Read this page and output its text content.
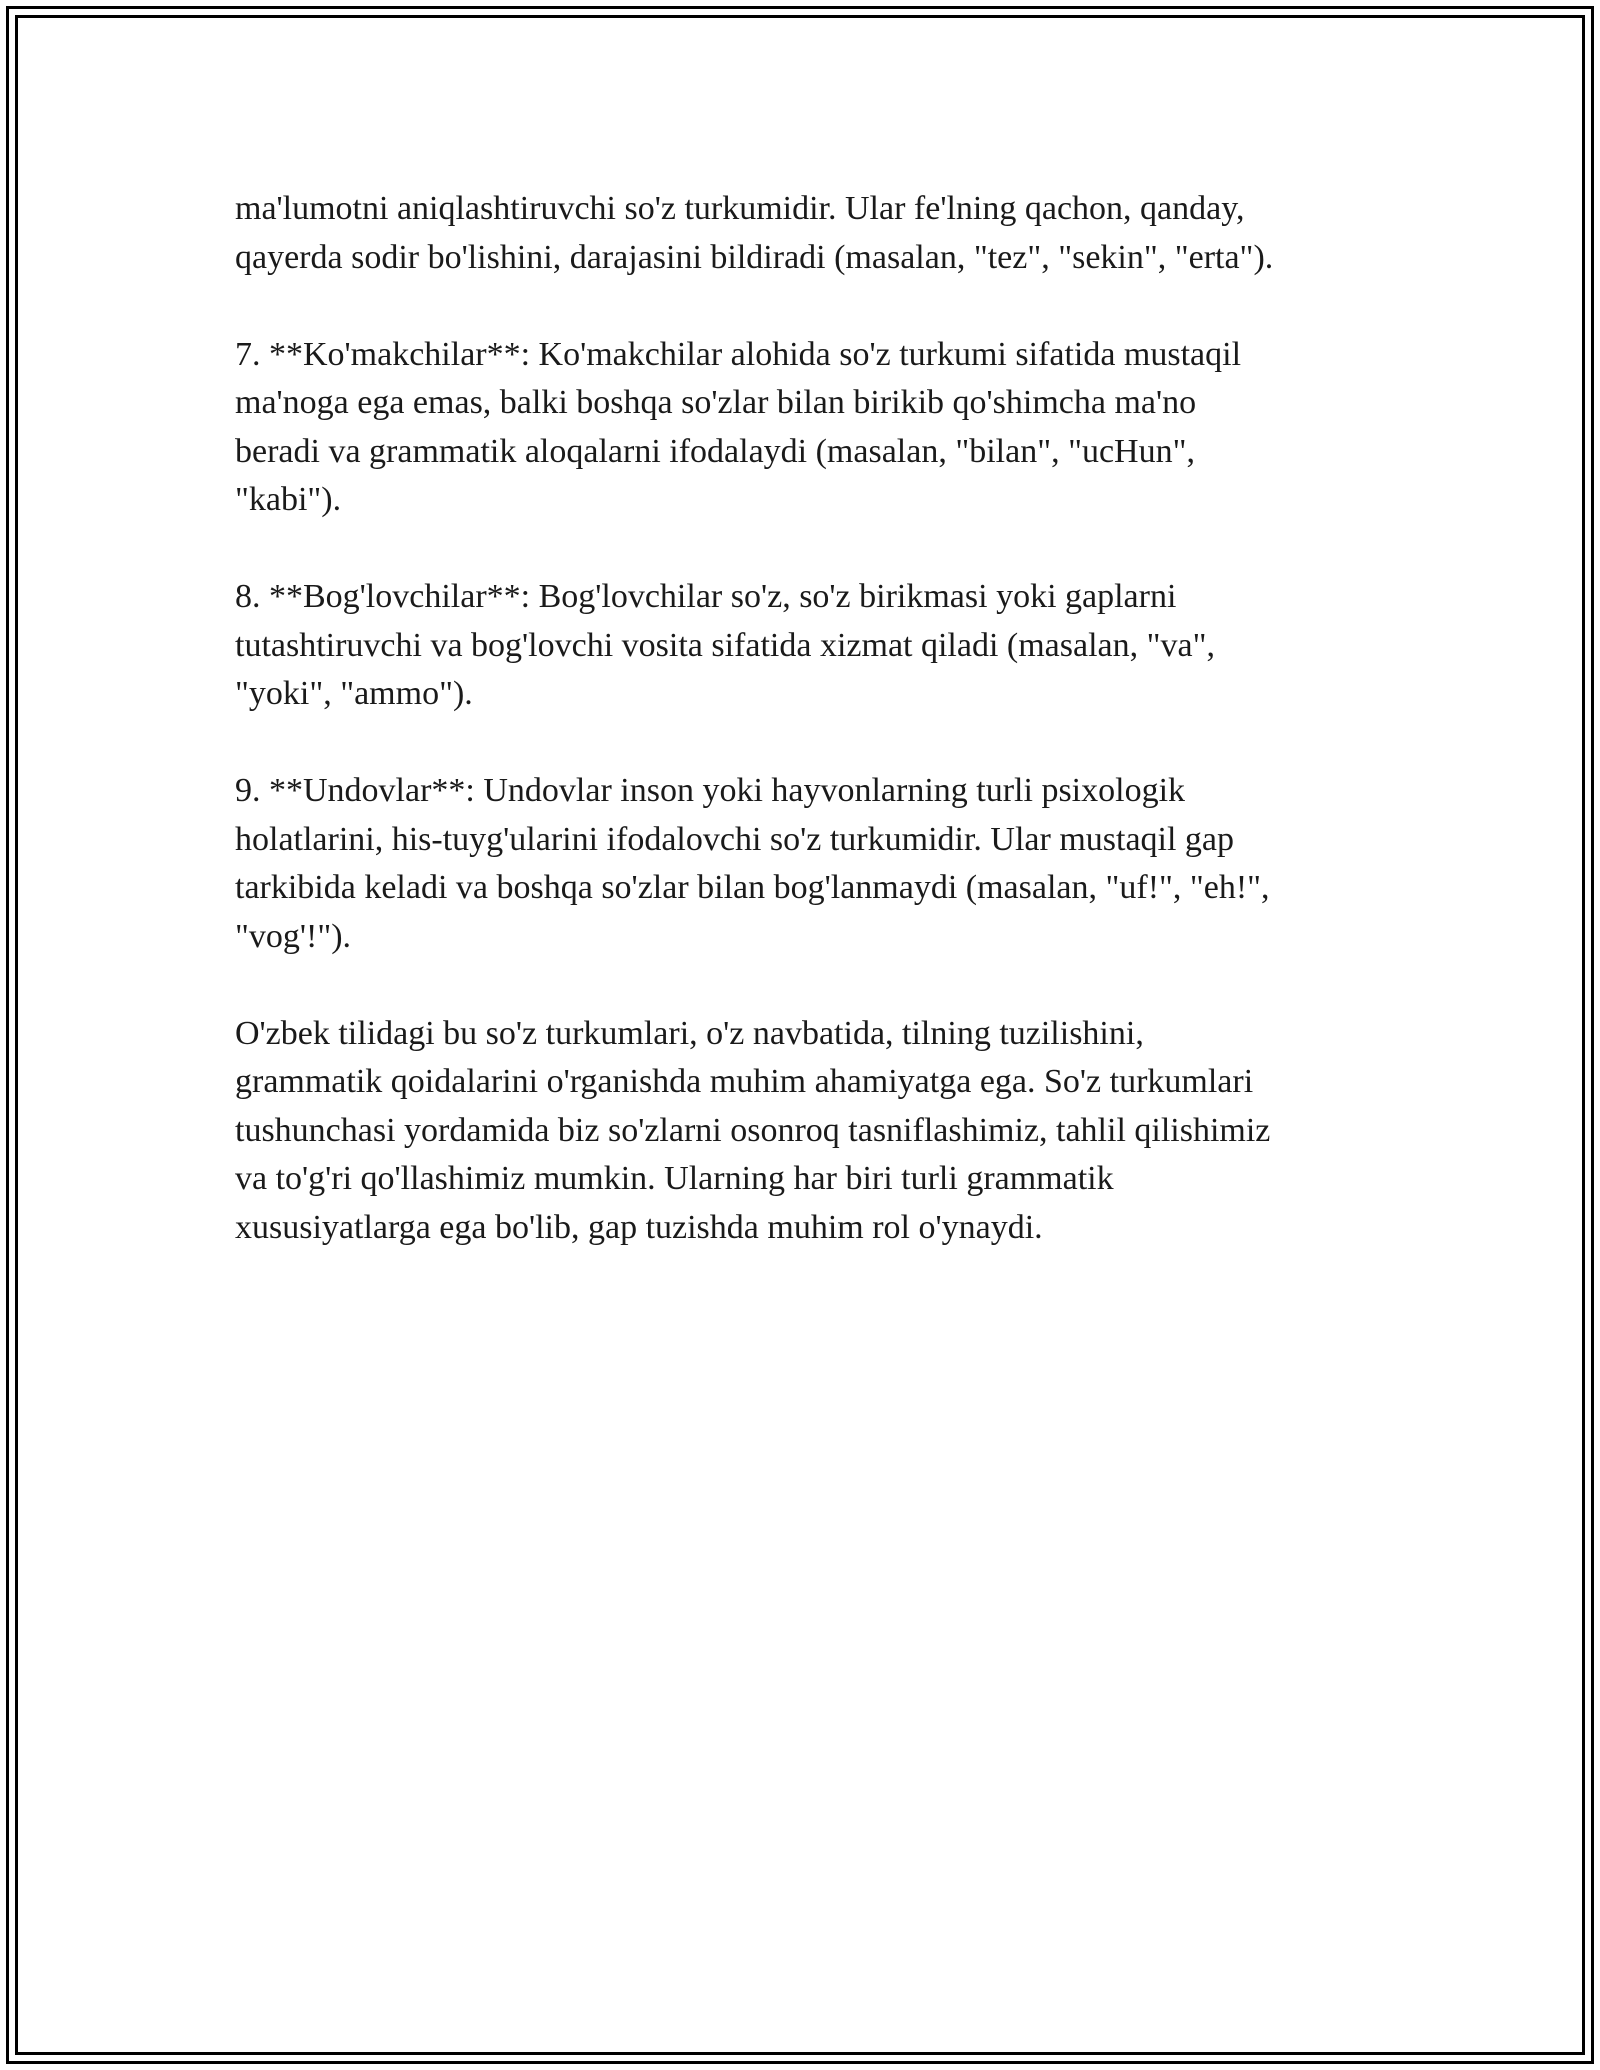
ma'lumotni aniqlashtiruvchi so'z turkumidir. Ular fe'lning qachon, qanday,
qayerda sodir bo'lishini, darajasini bildiradi (masalan, "tez", "sekin", "erta").

7. **Ko'makchilar**: Ko'makchilar alohida so'z turkumi sifatida mustaqil
ma'noga ega emas, balki boshqa so'zlar bilan birikib qo'shimcha ma'no
beradi va grammatik aloqalarni ifodalaydi (masalan, "bilan", "ucHun",
"kabi").

8. **Bog'lovchilar**: Bog'lovchilar so'z, so'z birikmasi yoki gaplarni
tutashtiruvchi va bog'lovchi vosita sifatida xizmat qiladi (masalan, "va",
"yoki", "ammo").

9. **Undovlar**: Undovlar inson yoki hayvonlarning turli psixologik
holatlarini, his-tuyg'ularini ifodalovchi so'z turkumidir. Ular mustaqil gap
tarkibida keladi va boshqa so'zlar bilan bog'lanmaydi (masalan, "uf!", "eh!",
"vog'!").

O'zbek tilidagi bu so'z turkumlari, o'z navbatida, tilning tuzilishini,
grammatik qoidalarini o'rganishda muhim ahamiyatga ega. So'z turkumlari
tushunchasi yordamida biz so'zlarni osonroq tasniflashimiz, tahlil qilishimiz
va to'g'ri qo'llashimiz mumkin. Ularning har biri turli grammatik
xususiyatlarga ega bo'lib, gap tuzishda muhim rol o'ynaydi.
